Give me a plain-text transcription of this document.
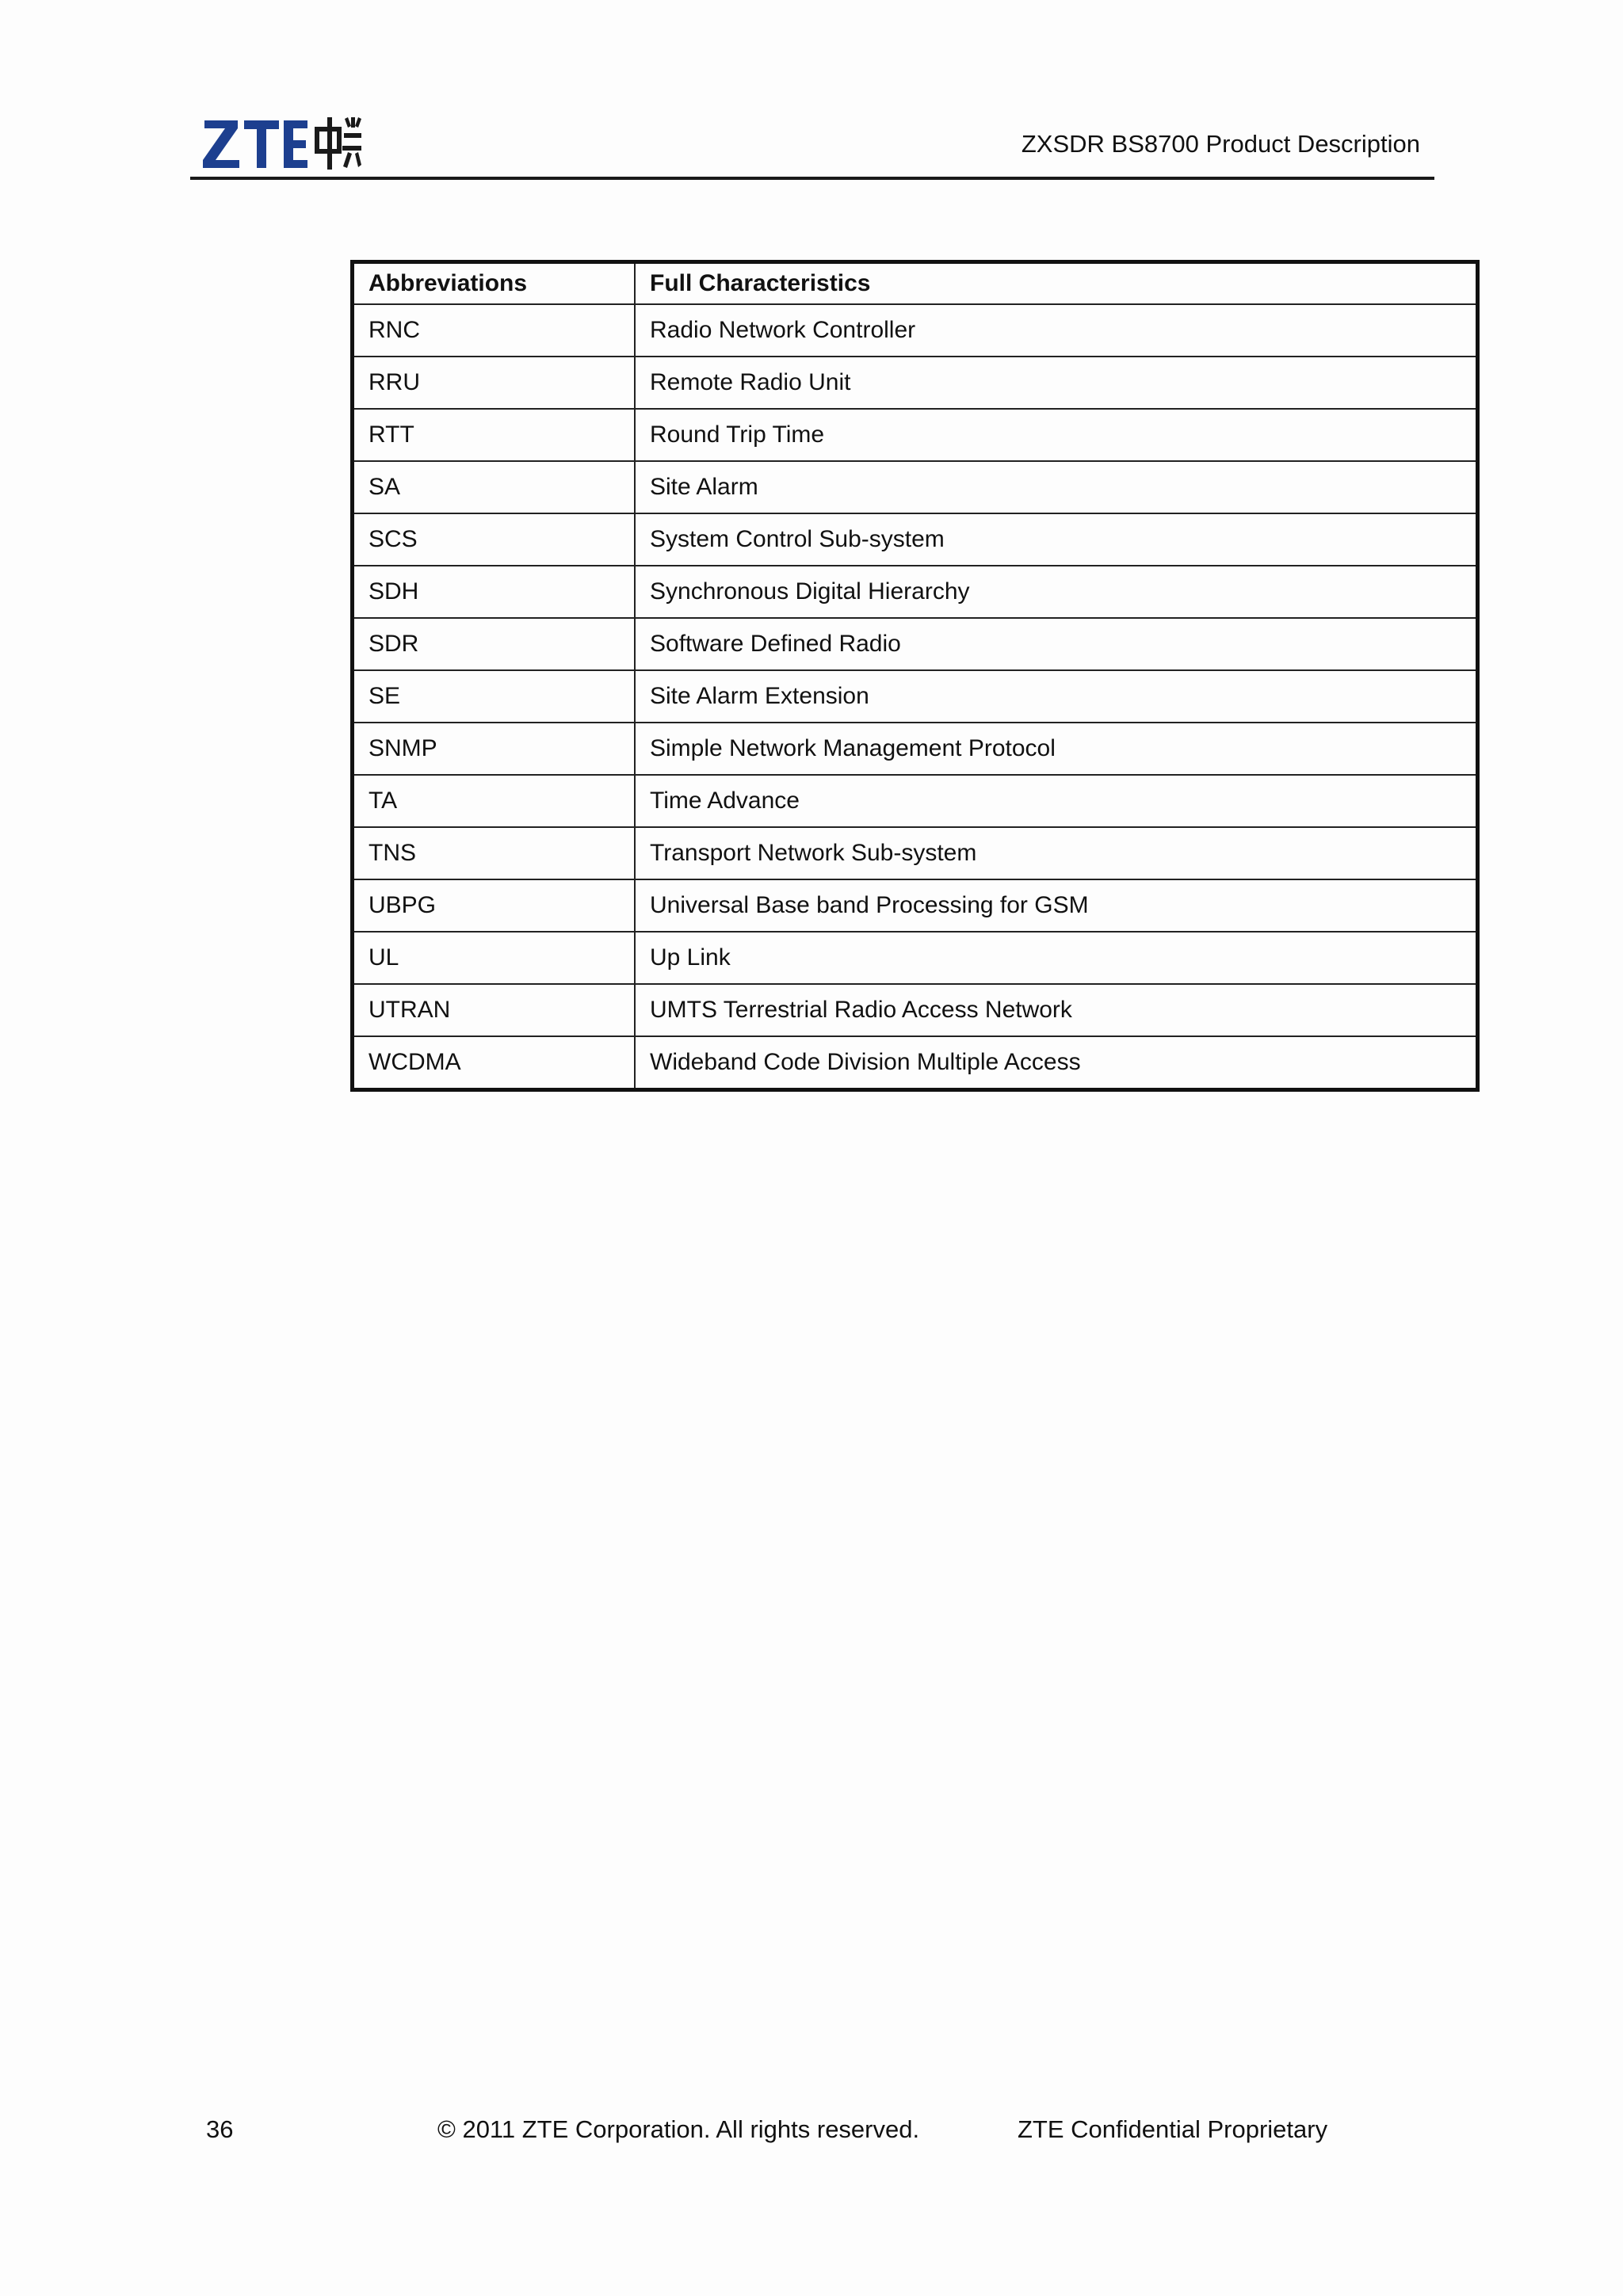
ZXSDR BS8700 Product Description
Abbreviations	Full Characteristics
RNC	Radio Network Controller
RRU	Remote Radio Unit
RTT	Round Trip Time
SA	Site Alarm
SCS	System Control Sub-system
SDH	Synchronous Digital Hierarchy
SDR	Software Defined Radio
SE	Site Alarm Extension
SNMP	Simple Network Management Protocol
TA	Time Advance
TNS	Transport Network Sub-system
UBPG	Universal Base band Processing for GSM
UL	Up Link
UTRAN	UMTS Terrestrial Radio Access Network
WCDMA	Wideband Code Division Multiple Access
36	© 2011 ZTE Corporation. All rights reserved.	ZTE Confidential Proprietary
